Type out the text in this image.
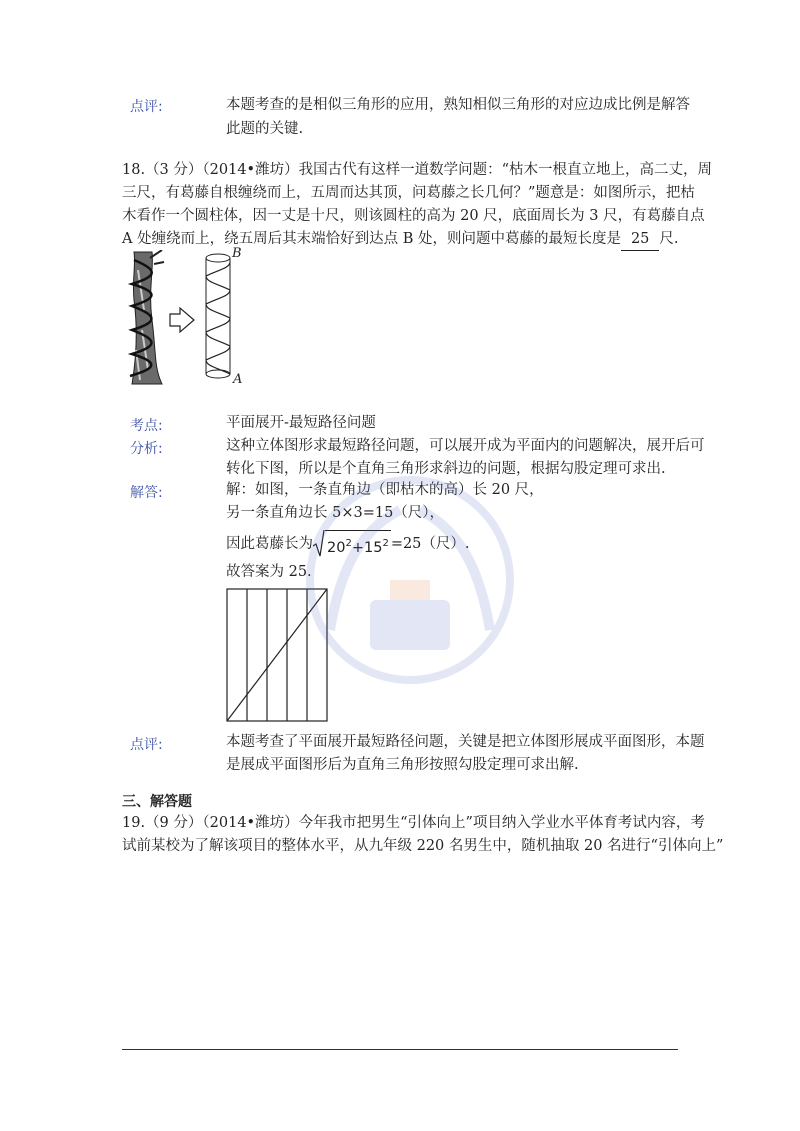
点评:	本题考查的是相似三角形的应用，熟知相似三角形的对应边成比例是解答
此题的关键.
18.（3 分）（2014•潍坊）我国古代有这样一道数学问题：“枯木一根直立地上，高二丈，周
三尺，有葛藤自根缠绕而上，五周而达其顶，问葛藤之长几何？”题意是：如图所示，把枯
木看作一个圆柱体，因一丈是十尺，则该圆柱的高为 20 尺，底面周长为 3 尺，有葛藤自点
A 处缠绕而上，绕五周后其末端恰好到达点 B 处，则问题中葛藤的最短长度是 25 尺.
B
A
考点:	平面展开-最短路径问题
分析:	这种立体图形求最短路径问题，可以展开成为平面内的问题解决，展开后可
转化下图，所以是个直角三角形求斜边的问题，根据勾股定理可求出.
解答:	解：如图，一条直角边（即枯木的高）长 20 尺，
另一条直角边长 5×3=15（尺），
因此葛藤长为 $20^2+15^2 =25$（尺）.
故答案为 25.
点评:	本题考查了平面展开最短路径问题，关键是把立体图形展成平面图形，本题
是展成平面图形后为直角三角形按照勾股定理可求出解.
三、解答题
19.（9 分）（2014•潍坊）今年我市把男生“引体向上”项目纳入学业水平体育考试内容，考
试前某校为了解该项目的整体水平，从九年级 220 名男生中，随机抽取 20 名进行“引体向上”
